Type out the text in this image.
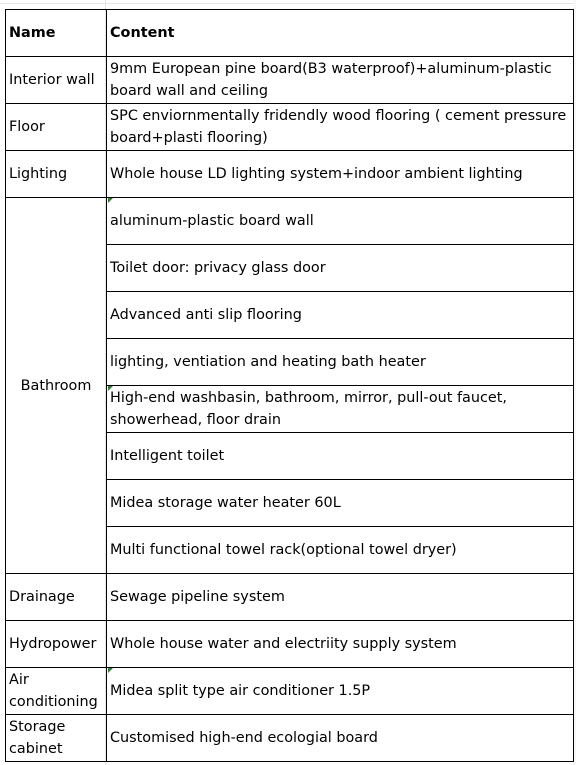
Name	Content
Interior wall	9mm European pine board(B3 waterproof)+aluminum-plastic board wall and ceiling
Floor	SPC enviornmentally fridendly wood flooring ( cement pressure board+plasti flooring)
Lighting	Whole house LD lighting system+indoor ambient lighting
Bathroom	aluminum-plastic board wall
	Toilet door: privacy glass door
	Advanced anti slip flooring
	lighting, ventiation and heating bath heater
	High-end washbasin, bathroom, mirror, pull-out faucet, showerhead, floor drain
	Intelligent toilet
	Midea storage water heater 60L
	Multi functional towel rack(optional towel dryer)
Drainage	Sewage pipeline system
Hydropower	Whole house water and electriity supply system
Air conditioning	Midea split type air conditioner 1.5P
Storage cabinet	Customised high-end ecologial board
